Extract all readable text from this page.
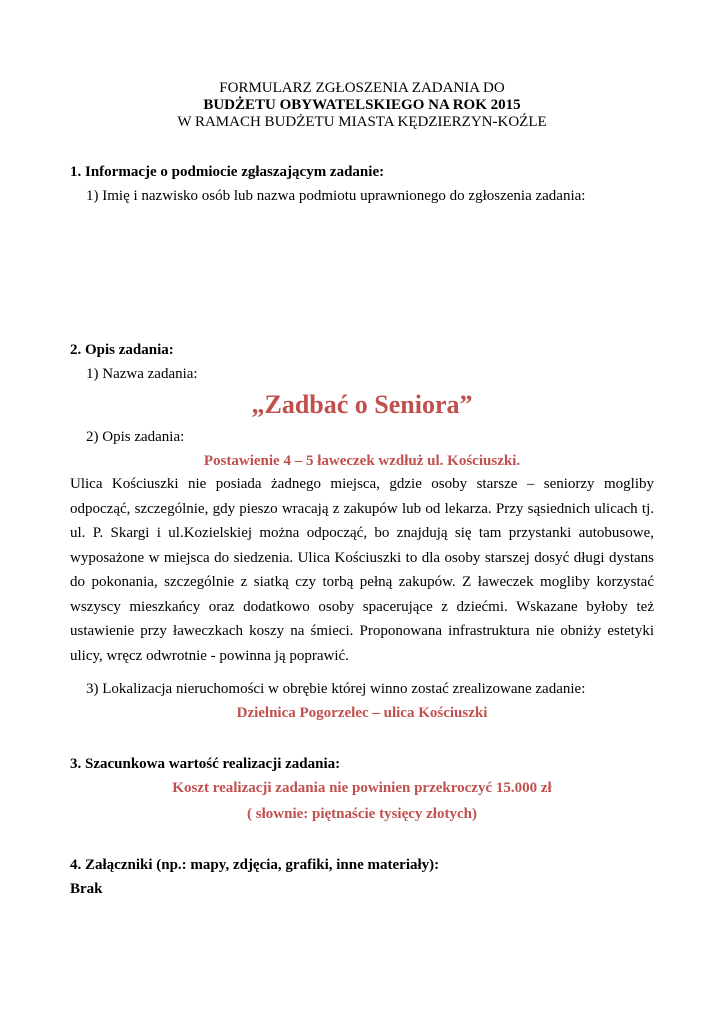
FORMULARZ ZGŁOSZENIA ZADANIA DO
BUDŻETU OBYWATELSKIEGO NA ROK 2015
W RAMACH BUDŻETU MIASTA KĘDZIERZYN-KOŹLE
1. Informacje o podmiocie zgłaszającym zadanie:
1) Imię i nazwisko osób lub nazwa podmiotu uprawnionego do zgłoszenia zadania:
2. Opis zadania:
1) Nazwa zadania:
„Zadbać o Seniora”
2) Opis zadania:
Postawienie 4 – 5 ławeczek wzdłuż ul. Kościuszki.
Ulica Kościuszki nie posiada żadnego miejsca, gdzie osoby starsze – seniorzy mogliby odpocząć, szczególnie, gdy pieszo wracają z zakupów lub od lekarza. Przy sąsiednich ulicach tj. ul. P. Skargi i ul.Kozielskiej można odpocząć, bo znajdują się tam przystanki autobusowe, wyposażone w miejsca do siedzenia. Ulica Kościuszki to dla osoby starszej dosyć długi dystans do pokonania, szczególnie z siatką czy torbą pełną zakupów. Z ławeczek mogliby korzystać wszyscy mieszkańcy oraz dodatkowo osoby spacerujące z dziećmi. Wskazane byłoby też ustawienie przy ławeczkach koszy na śmieci. Proponowana infrastruktura nie obniży estetyki ulicy, wręcz odwrotnie - powinna ją poprawić.
3) Lokalizacja nieruchomości w obrębie której winno zostać zrealizowane zadanie:
Dzielnica Pogorzelec – ulica Kościuszki
3. Szacunkowa wartość realizacji zadania:
Koszt realizacji zadania nie powinien przekroczyć 15.000 zł
( słownie: piętnaście tysięcy złotych)
4. Załączniki (np.: mapy, zdjęcia, grafiki, inne materiały):
Brak
